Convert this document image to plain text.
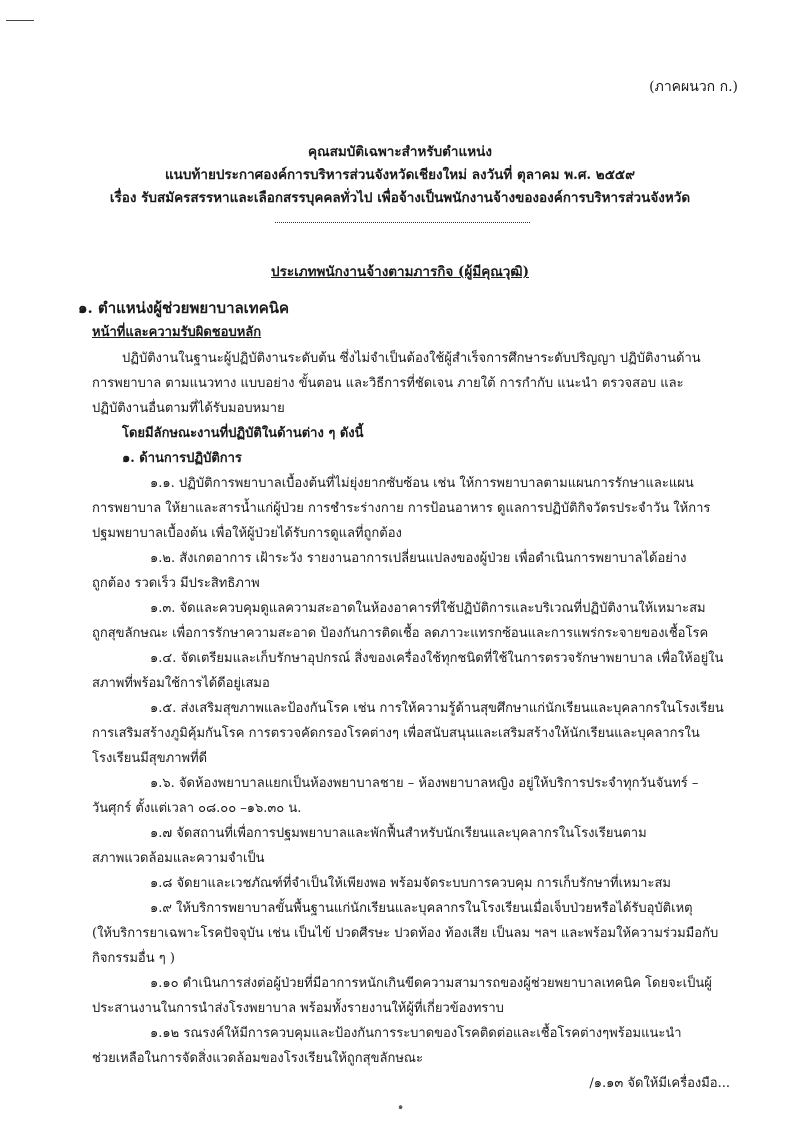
(ภาคผนวก ก.)
คุณสมบัติเฉพาะสำหรับตำแหน่ง
แนบท้ายประกาศองค์การบริหารส่วนจังหวัดเชียงใหม่ ลงวันที่ ตุลาคม พ.ศ. ๒๕๕๙
เรื่อง รับสมัครสรรหาและเลือกสรรบุคคลทั่วไป เพื่อจ้างเป็นพนักงานจ้างขององค์การบริหารส่วนจังหวัด
ประเภทพนักงานจ้างตามภารกิจ (ผู้มีคุณวุฒิ)
๑. ตำแหน่งผู้ช่วยพยาบาลเทคนิค
หน้าที่และความรับผิดชอบหลัก
ปฏิบัติงานในฐานะผู้ปฏิบัติงานระดับต้น ซึ่งไม่จำเป็นต้องใช้ผู้สำเร็จการศึกษาระดับปริญญา ปฏิบัติงานด้าน
การพยาบาล ตามแนวทาง แบบอย่าง ขั้นตอน และวิธีการที่ชัดเจน ภายใต้ การกำกับ แนะนำ ตรวจสอบ และ
ปฏิบัติงานอื่นตามที่ได้รับมอบหมาย
โดยมีลักษณะงานที่ปฏิบัติในด้านต่าง ๆ ดังนี้
๑. ด้านการปฏิบัติการ
๑.๑. ปฏิบัติการพยาบาลเบื้องต้นที่ไม่ยุ่งยากซับซ้อน เช่น ให้การพยาบาลตามแผนการรักษาและแผน
การพยาบาล ให้ยาและสารน้ำแก่ผู้ป่วย การชำระร่างกาย การป้อนอาหาร ดูแลการปฏิบัติกิจวัตรประจำวัน ให้การ
ปฐมพยาบาลเบื้องต้น เพื่อให้ผู้ป่วยได้รับการดูแลที่ถูกต้อง
๑.๒. สังเกตอาการ เฝ้าระวัง รายงานอาการเปลี่ยนแปลงของผู้ป่วย เพื่อดำเนินการพยาบาลได้อย่าง
ถูกต้อง รวดเร็ว มีประสิทธิภาพ
๑.๓. จัดและควบคุมดูแลความสะอาดในห้องอาคารที่ใช้ปฏิบัติการและบริเวณที่ปฏิบัติงานให้เหมาะสม
ถูกสุขลักษณะ เพื่อการรักษาความสะอาด ป้องกันการติดเชื้อ ลดภาวะแทรกซ้อนและการแพร่กระจายของเชื้อโรค
๑.๔. จัดเตรียมและเก็บรักษาอุปกรณ์ สิ่งของเครื่องใช้ทุกชนิดที่ใช้ในการตรวจรักษาพยาบาล เพื่อให้อยู่ใน
สภาพที่พร้อมใช้การได้ดีอยู่เสมอ
๑.๕. ส่งเสริมสุขภาพและป้องกันโรค เช่น การให้ความรู้ด้านสุขศึกษาแก่นักเรียนและบุคลากรในโรงเรียน
การเสริมสร้างภูมิคุ้มกันโรค การตรวจคัดกรองโรคต่างๆ เพื่อสนับสนุนและเสริมสร้างให้นักเรียนและบุคลากรใน
โรงเรียนมีสุขภาพที่ดี
๑.๖. จัดห้องพยาบาลแยกเป็นห้องพยาบาลชาย – ห้องพยาบาลหญิง อยู่ให้บริการประจำทุกวันจันทร์ –
วันศุกร์ ตั้งแต่เวลา ๐๘.๐๐ –๑๖.๓๐ น.
๑.๗ จัดสถานที่เพื่อการปฐมพยาบาลและพักฟื้นสำหรับนักเรียนและบุคลากรในโรงเรียนตาม
สภาพแวดล้อมและความจำเป็น
๑.๘ จัดยาและเวชภัณฑ์ที่จำเป็นให้เพียงพอ พร้อมจัดระบบการควบคุม การเก็บรักษาที่เหมาะสม
๑.๙ ให้บริการพยาบาลขั้นพื้นฐานแก่นักเรียนและบุคลากรในโรงเรียนเมื่อเจ็บป่วยหรือได้รับอุบัติเหตุ
(ให้บริการยาเฉพาะโรคปัจจุบัน เช่น เป็นไข้ ปวดศีรษะ ปวดท้อง ท้องเสีย เป็นลม ฯลฯ และพร้อมให้ความร่วมมือกับ
กิจกรรมอื่น ๆ )
๑.๑๐ ดำเนินการส่งต่อผู้ป่วยที่มีอาการหนักเกินขีดความสามารถของผู้ช่วยพยาบาลเทคนิค โดยจะเป็นผู้
ประสานงานในการนำส่งโรงพยาบาล พร้อมทั้งรายงานให้ผู้ที่เกี่ยวข้องทราบ
๑.๑๒ รณรงค์ให้มีการควบคุมและป้องกันการระบาดของโรคติดต่อและเชื้อโรคต่างๆพร้อมแนะนำ
ช่วยเหลือในการจัดสิ่งแวดล้อมของโรงเรียนให้ถูกสุขลักษณะ
/๑.๑๓ จัดให้มีเครื่องมือ...
๑
